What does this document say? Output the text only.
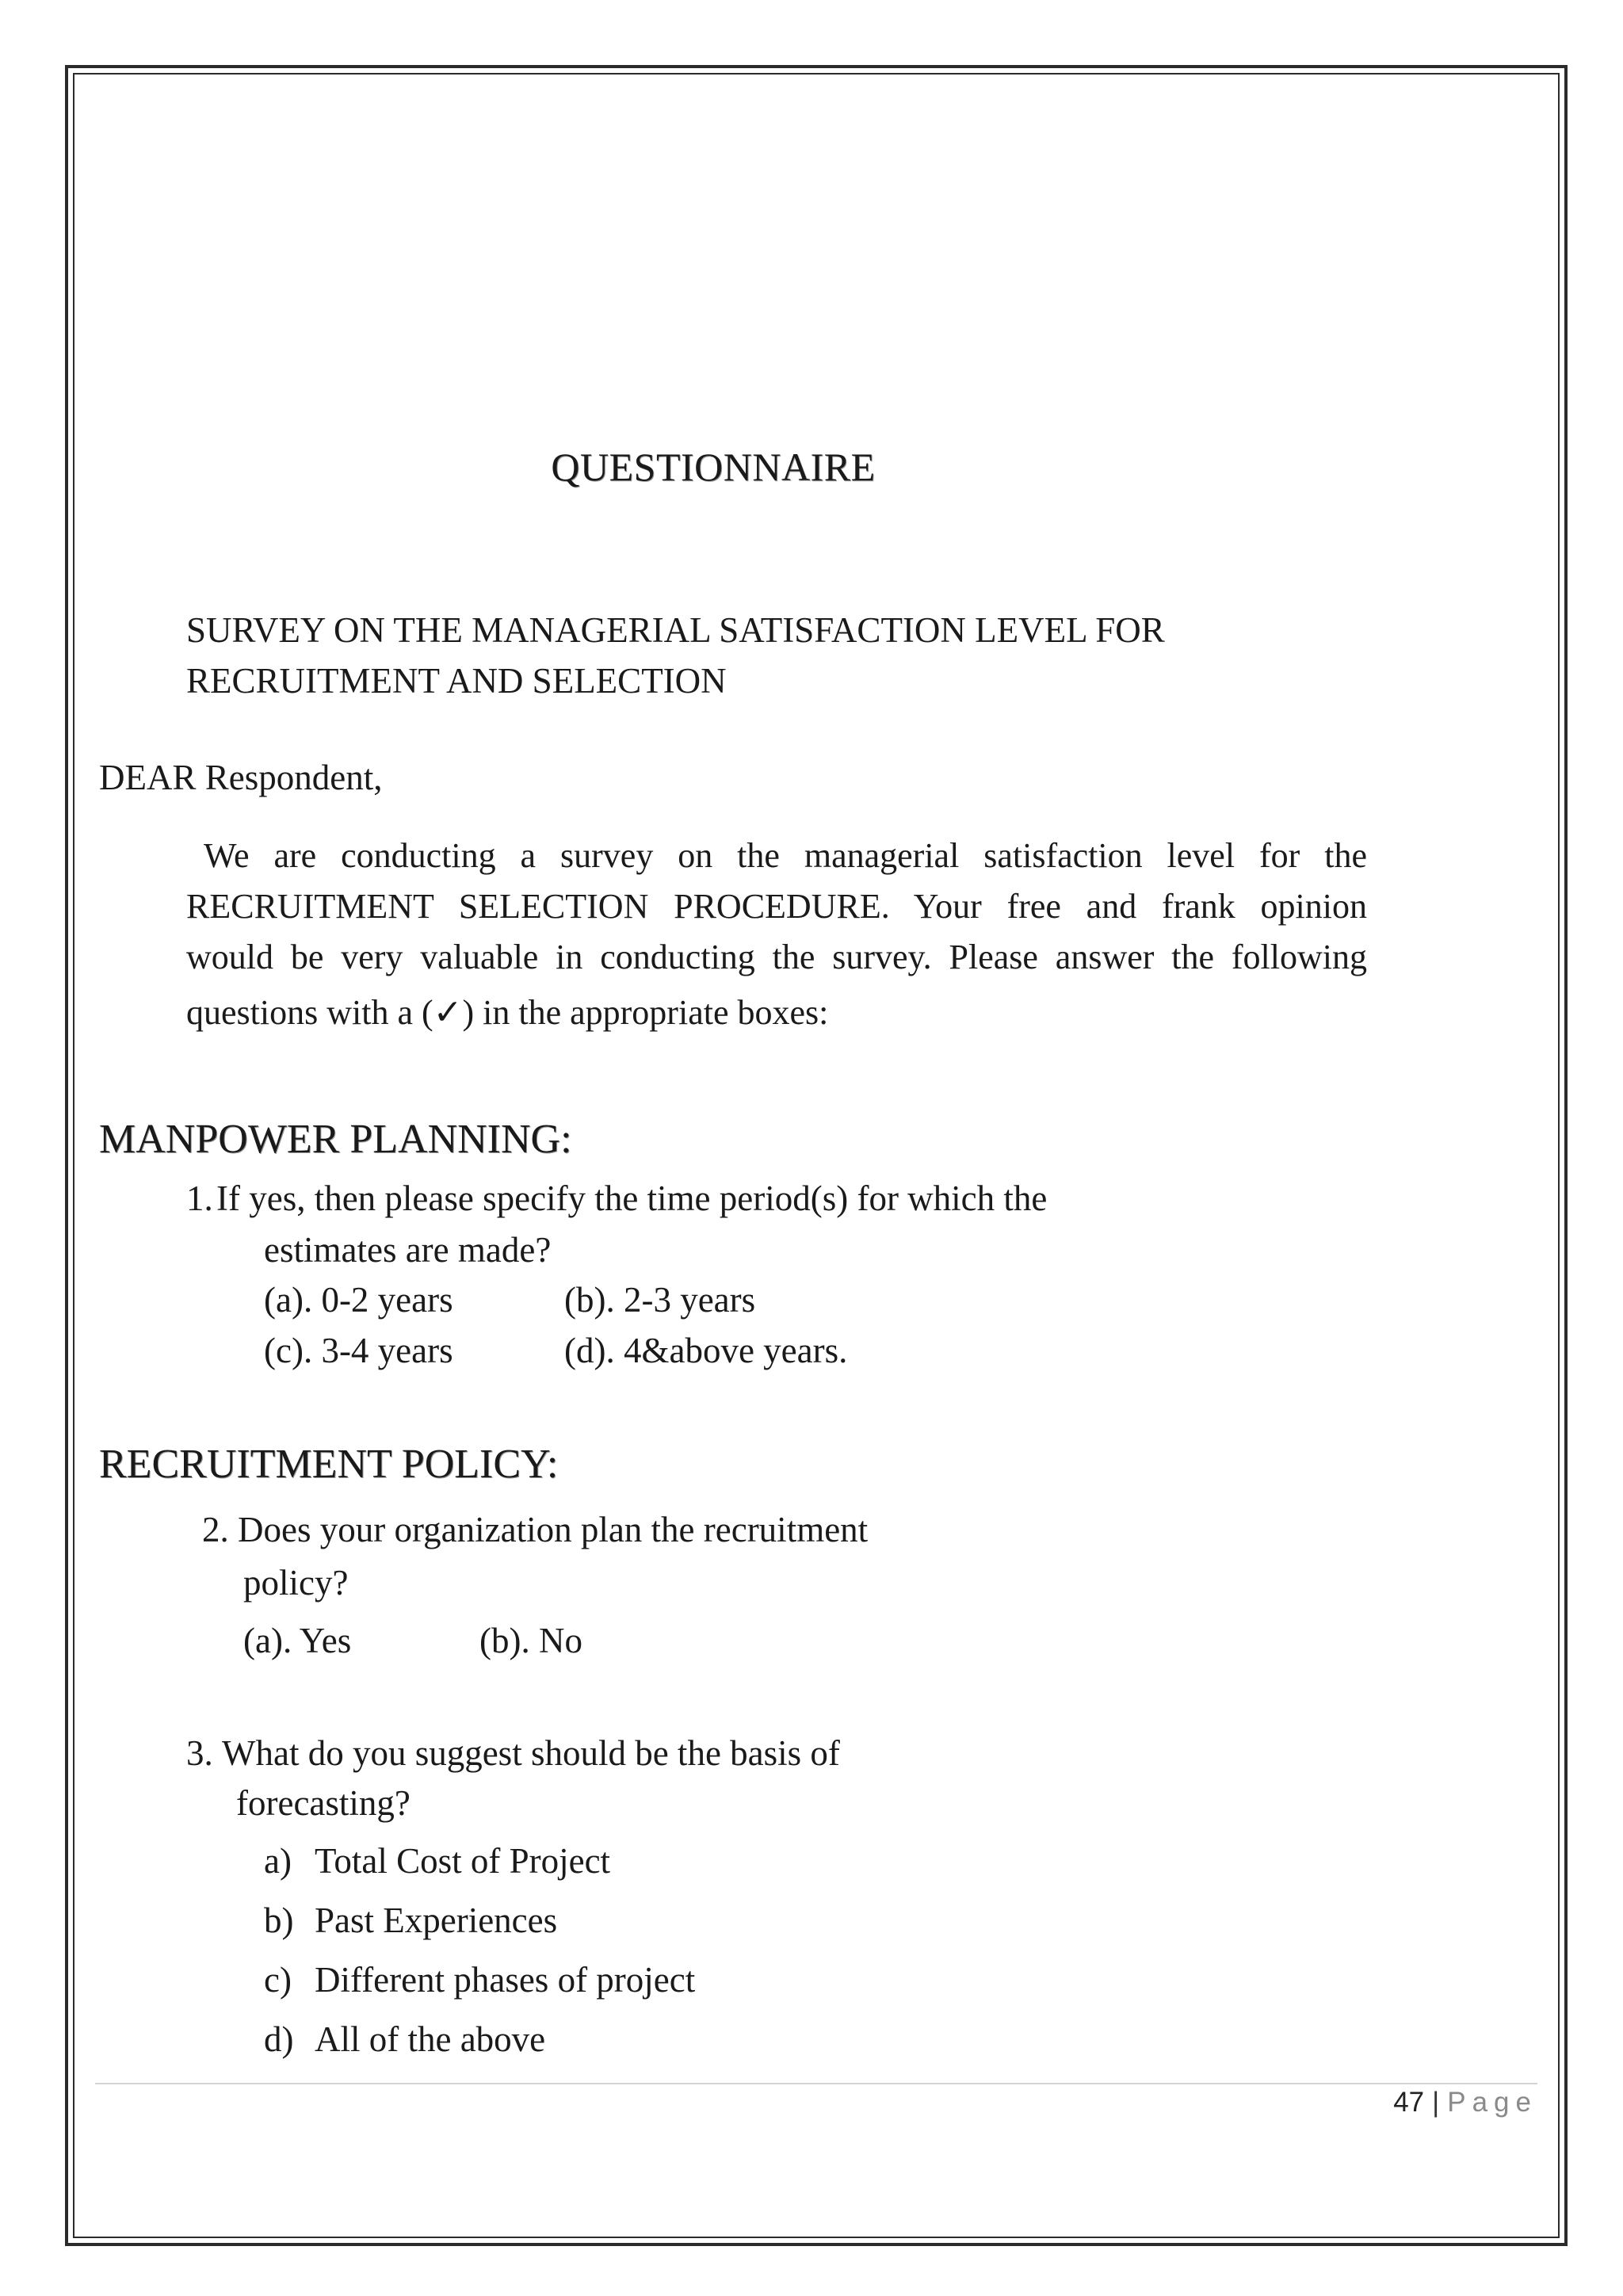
QUESTIONNAIRE
SURVEY ON THE MANAGERIAL SATISFACTION LEVEL FOR
RECRUITMENT AND SELECTION
DEAR Respondent,
We are conducting a survey on the managerial satisfaction level for the
RECRUITMENT SELECTION PROCEDURE. Your free and frank opinion
would be very valuable in conducting the survey. Please answer the following
questions with a (✓) in the appropriate boxes:
MANPOWER PLANNING:
1. If yes, then please specify the time period(s) for which the
estimates are made?
(a). 0-2 years	(b). 2-3 years
(c). 3-4 years	(d). 4&above years.
RECRUITMENT POLICY:
2. Does your organization plan the recruitment
policy?
(a). Yes	(b). No
3. What do you suggest should be the basis of
forecasting?
a) Total Cost of Project
b) Past Experiences
c) Different phases of project
d) All of the above
47 | Page
